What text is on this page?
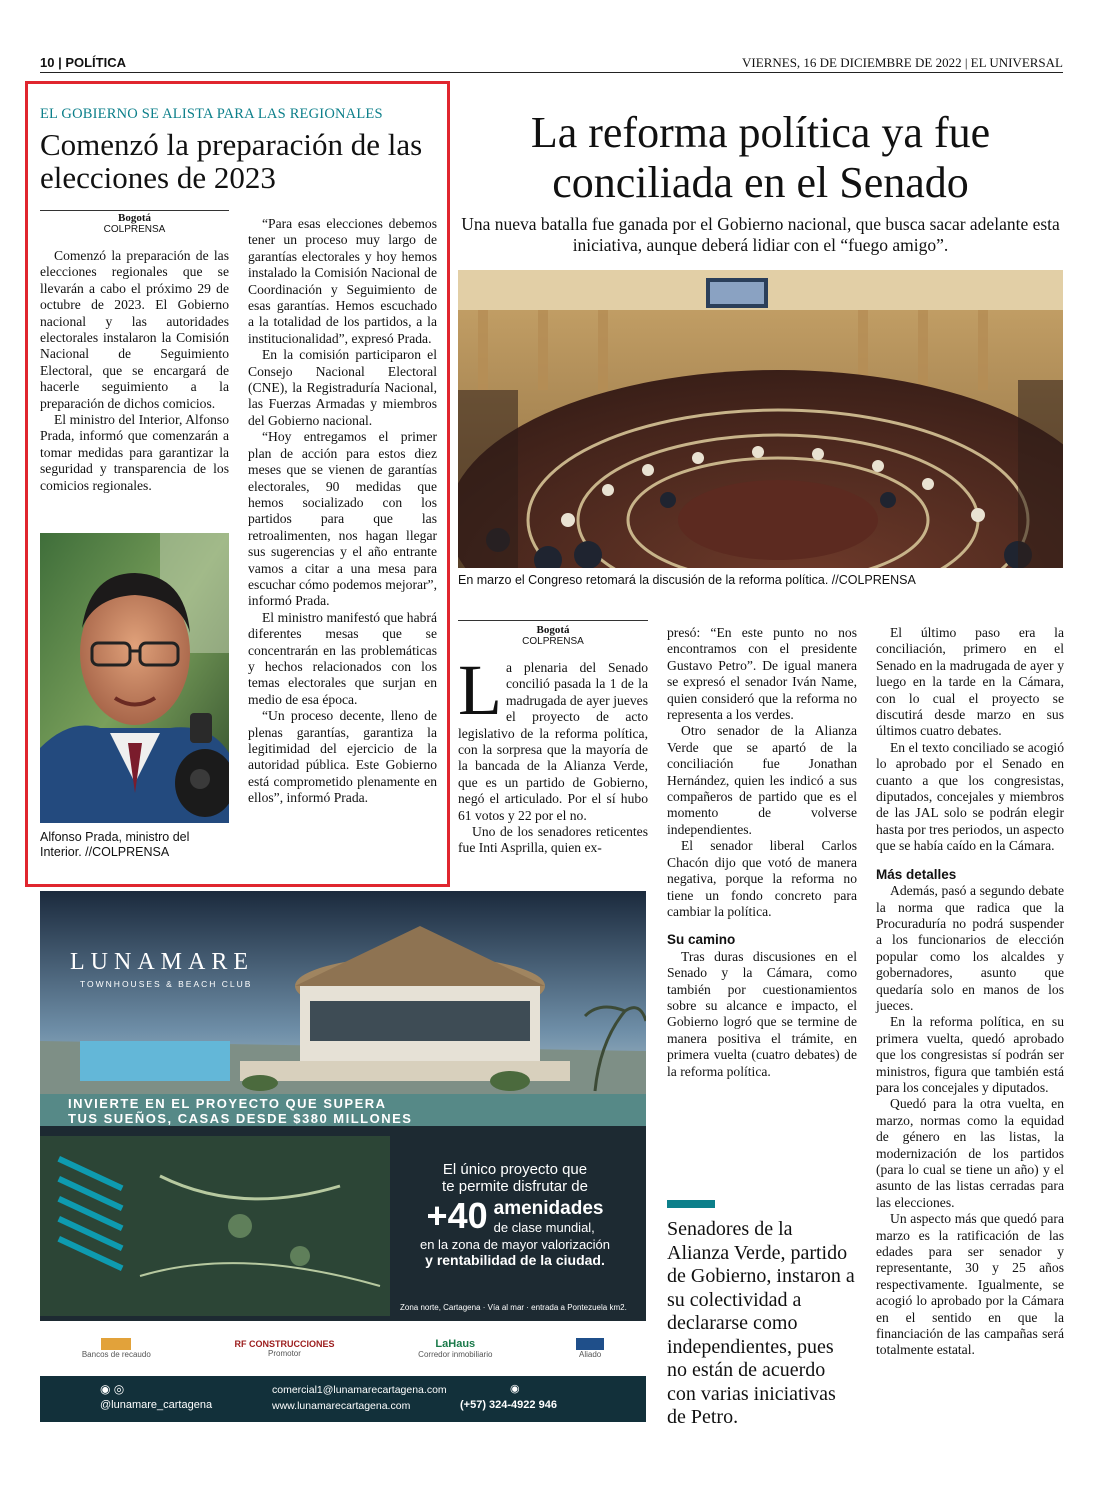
10 | POLÍTICA	VIERNES, 16 DE DICIEMBRE DE 2022 | EL UNIVERSAL
EL GOBIERNO SE ALISTA PARA LAS REGIONALES
Comenzó la preparación de las elecciones de 2023
Bogotá
COLPRENSA

Comenzó la preparación de las elecciones regionales que se llevarán a cabo el próximo 29 de octubre de 2023. El Gobierno nacional y las autoridades electorales instalaron la Comisión Nacional de Seguimiento Electoral, que se encargará de hacerle seguimiento a la preparación de dichos comicios.

El ministro del Interior, Alfonso Prada, informó que comenzarán a tomar medidas para garantizar la seguridad y transparencia de los comicios regionales.

Alfonso Prada, ministro del Interior. //COLPRENSA

“Para esas elecciones debemos tener un proceso muy largo de garantías electorales y hoy hemos instalado la Comisión Nacional de Coordinación y Seguimiento de esas garantías. Hemos escuchado a la totalidad de los partidos, a la institucionalidad”, expresó Prada.

En la comisión participaron el Consejo Nacional Electoral (CNE), la Registraduría Nacional, las Fuerzas Armadas y miembros del Gobierno nacional.

“Hoy entregamos el primer plan de acción para estos diez meses que se vienen de garantías electorales, 90 medidas que hemos socializado con los partidos para que las retroalimenten, nos hagan llegar sus sugerencias y el año entrante vamos a citar a una mesa para escuchar cómo podemos mejorar”, informó Prada.

El ministro manifestó que habrá diferentes mesas que se concentrarán en las problemáticas y hechos relacionados con los temas electorales que surjan en medio de esa época.

“Un proceso decente, lleno de plenas garantías, garantiza la legitimidad del ejercicio de la autoridad pública. Este Gobierno está comprometido plenamente en ellos”, informó Prada.

La reforma política ya fue conciliada en el Senado
Una nueva batalla fue ganada por el Gobierno nacional, que busca sacar adelante esta iniciativa, aunque deberá lidiar con el “fuego amigo”.
En marzo el Congreso retomará la discusión de la reforma política. //COLPRENSA
Bogotá
COLPRENSA
L a plenaria del Senado concilió pasada la 1 de la madrugada de ayer jueves el proyecto de acto legislativo de la reforma política, con la sorpresa que la mayoría de la bancada de la Alianza Verde, que es un partido de Gobierno, negó el articulado. Por el sí hubo 61 votos y 22 por el no.

Uno de los senadores reticentes fue Inti Asprilla, quien ex-

presó: “En este punto no nos encontramos con el presidente Gustavo Petro”. De igual manera se expresó el senador Iván Name, quien consideró que la reforma no representa a los verdes.

Otro senador de la Alianza Verde que se apartó de la conciliación fue Jonathan Hernández, quien les indicó a sus compañeros de partido que es el momento de volverse independientes.

El senador liberal Carlos Chacón dijo que votó de manera negativa, porque la reforma no tiene un fondo concreto para cambiar la política.

Su camino

Tras duras discusiones en el Senado y la Cámara, como también por cuestionamientos sobre su alcance e impacto, el Gobierno logró que se termine de manera positiva el trámite, en primera vuelta (cuatro debates) de la reforma política.

Senadores de la Alianza Verde, partido de Gobierno, instaron a su colectividad a declararse como independientes, pues no están de acuerdo con varias iniciativas de Petro.

El último paso era la conciliación, primero en el Senado en la madrugada de ayer y luego en la tarde en la Cámara, con lo cual el proyecto se discutirá desde marzo en sus últimos cuatro debates.

En el texto conciliado se acogió lo aprobado por el Senado en cuanto a que los congresistas, diputados, concejales y miembros de las JAL solo se podrán elegir hasta por tres periodos, un aspecto que se había caído en la Cámara.

Más detalles

Además, pasó a segundo debate la norma que radica que la Procuraduría no podrá suspender a los funcionarios de elección popular como los alcaldes y gobernadores, asunto que quedaría solo en manos de los jueces.

En la reforma política, en su primera vuelta, quedó aprobado que los congresistas sí podrán ser ministros, figura que también está para los concejales y diputados.

Quedó para la otra vuelta, en marzo, normas como la equidad de género en las listas, la modernización de los partidos (para lo cual se tiene un año) y el asunto de las listas cerradas para las elecciones.

Un aspecto más que quedó para marzo es la ratificación de las edades para ser senador y representante, 30 y 25 años respectivamente. Igualmente, se acogió lo aprobado por la Cámara en el sentido en que la financiación de las campañas será totalmente estatal.

LUNAMARE
TOWNHOUSES & BEACH CLUB
INVIERTE EN EL PROYECTO QUE SUPERA
TUS SUEÑOS, CASAS DESDE $380 MILLONES
El único proyecto que
te permite disfrutar de
+40 amenidades
de clase mundial,
en la zona de mayor valorización
y rentabilidad de la ciudad.
Zona norte, Cartagena · Vía al mar · entrada a Pontezuela km2.
Bancos de recaudo
RF CONSTRUCCIONES
Promotor
LaHaus
Corredor inmobiliario	Aliado
◉ ◎
@lunamare_cartagena
comercial1@lunamarecartagena.com
www.lunamarecartagena.com
◉
(+57) 324-4922 946
